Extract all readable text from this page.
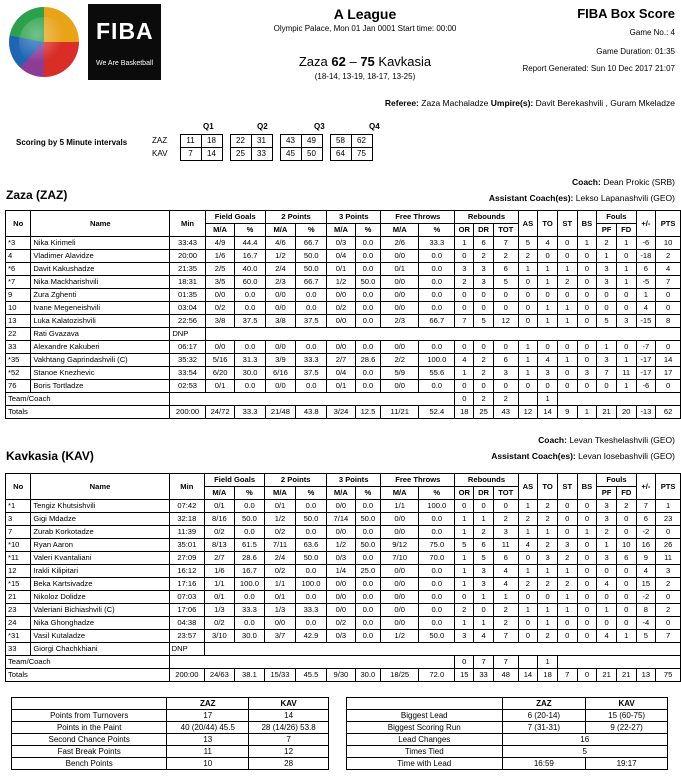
FIBA
We Are Basketball
A League
Olympic Palace, Mon 01 Jan 0001 Start time: 00:00
Zaza 62 – 75 Kavkasia
(18-14, 13-19, 18-17, 13-25)
FIBA Box Score
Game No.: 4
Game Duration: 01:35
Report Generated: Sun 10 Dec 2017 21:07
Referee: Zaza Machaladze Umpire(s): Davit Berekashvili , Guram Mkeladze
Scoring by 5 Minute intervals
Q1	Q2	Q3	Q4
ZAZ	11	18		22	31		43	49		58	62
KAV	7	14		25	33		45	50		64	75
Coach: Dean Prokic (SRB)
Zaza (ZAZ)	Assistant Coach(es): Lekso Lapanashvili (GEO)
No	Name	Min	Field Goals		2 Points		3 Points		Free Throws		Rebounds			AS	TO	ST	BS	Fouls		+/-	PTS
			M/A	%	M/A	%	M/A	%	M/A	%	OR	DR	TOT					PF	FD		
*3	Nika Kirimeli	33:43	4/9	44.4	4/6	66.7	0/3	0.0	2/6	33.3	1	6	7	5	4	0	1	2	1	-6	10
4	Vladimer Alavidze	20:00	1/6	16.7	1/2	50.0	0/4	0.0	0/0	0.0	0	2	2	2	0	0	0	1	0	-18	2
*6	Davit Kakushadze	21:35	2/5	40.0	2/4	50.0	0/1	0.0	0/1	0.0	3	3	6	1	1	1	0	3	1	6	4
*7	Nika Mackharishvili	18:31	3/5	60.0	2/3	66.7	1/2	50.0	0/0	0.0	2	3	5	0	1	2	0	3	1	-5	7
9	Zura Zghenti	01:35	0/0	0.0	0/0	0.0	0/0	0.0	0/0	0.0	0	0	0	0	0	0	0	0	0	1	0
10	Ivane Megeneishvili	03:04	0/2	0.0	0/0	0.0	0/2	0.0	0/0	0.0	0	0	0	0	1	1	0	0	0	4	0
13	Luka Kalatozishvili	22:56	3/8	37.5	3/8	37.5	0/0	0.0	2/3	66.7	7	5	12	0	1	1	0	5	3	-15	8
22	Rati Gvazava	DNP																			
33	Alexandre Kakuberi	06:17	0/0	0.0	0/0	0.0	0/0	0.0	0/0	0.0	0	0	0	1	0	0	0	1	0	-7	0
*35	Vakhtang Gaprindashvili (C)	35:32	5/16	31.3	3/9	33.3	2/7	28.6	2/2	100.0	4	2	6	1	4	1	0	3	1	-17	14
*52	Stanoe Knezhevic	33:54	6/20	30.0	6/16	37.5	0/4	0.0	5/9	55.6	1	2	3	1	3	0	3	7	11	-17	17
76	Boris Tortladze	02:53	0/1	0.0	0/0	0.0	0/1	0.0	0/0	0.0	0	0	0	0	0	0	0	0	1	-6	0
Team/Coach											0	2	2		1						
Totals		200:00	24/72	33.3	21/48	43.8	3/24	12.5	11/21	52.4	18	25	43	12	14	9	1	21	20	-13	62
Coach: Levan Tkeshelashvili (GEO)
Kavkasia (KAV)	Assistant Coach(es): Levan Iosebashvili (GEO)
No	Name	Min	Field Goals		2 Points		3 Points		Free Throws		Rebounds			AS	TO	ST	BS	Fouls		+/-	PTS
			M/A	%	M/A	%	M/A	%	M/A	%	OR	DR	TOT					PF	FD		
*1	Tengiz Khutsishvili	07:42	0/1	0.0	0/1	0.0	0/0	0.0	1/1	100.0	0	0	0	1	2	0	0	3	2	7	1
3	Gigi Mdadze	32:18	8/16	50.0	1/2	50.0	7/14	50.0	0/0	0.0	1	1	2	2	2	0	0	3	0	6	23
7	Zurab Korkotadze	11:39	0/2	0.0	0/2	0.0	0/0	0.0	0/0	0.0	1	2	3	1	1	0	1	2	0	-2	0
*10	Ryan Aaron	35:01	8/13	61.5	7/11	63.6	1/2	50.0	9/12	75.0	5	6	11	4	2	3	0	1	10	16	26
*11	Valeri Kvantaliani	27:09	2/7	28.6	2/4	50.0	0/3	0.0	7/10	70.0	1	5	6	0	3	2	0	3	6	9	11
12	Irakli Kilipitari	16:12	1/6	16.7	0/2	0.0	1/4	25.0	0/0	0.0	1	3	4	1	1	1	0	0	0	4	3
*15	Beka Kartsivadze	17:16	1/1	100.0	1/1	100.0	0/0	0.0	0/0	0.0	1	3	4	2	2	2	0	4	0	15	2
21	Nikoloz Dolidze	07:03	0/1	0.0	0/1	0.0	0/0	0.0	0/0	0.0	0	1	1	0	0	1	0	0	0	-2	0
23	Valeriani Bichiashvili (C)	17:06	1/3	33.3	1/3	33.3	0/0	0.0	0/0	0.0	2	0	2	1	1	1	0	1	0	8	2
24	Nika Ghonghadze	04:38	0/2	0.0	0/0	0.0	0/2	0.0	0/0	0.0	1	1	2	0	1	0	0	0	0	-4	0
*31	Vasil Kutaladze	23:57	3/10	30.0	3/7	42.9	0/3	0.0	1/2	50.0	3	4	7	0	2	0	0	4	1	5	7
33	Giorgi Chachkhiani	DNP																			
Team/Coach											0	7	7		1						
Totals		200:00	24/63	38.1	15/33	45.5	9/30	30.0	18/25	72.0	15	33	48	14	18	7	0	21	21	13	75
	ZAZ	KAV
Points from Turnovers	17	14
Points in the Paint	40 (20/44) 45.5	28 (14/26) 53.8
Second Chance Points	13	7
Fast Break Points	11	12
Bench Points	10	28
	ZAZ	KAV
Biggest Lead	6 (20-14)	15 (60-75)
Biggest Scoring Run	7 (31-31)	9 (22-27)
Lead Changes	16	
Times Tied	5	
Time with Lead	16:59	19:17
